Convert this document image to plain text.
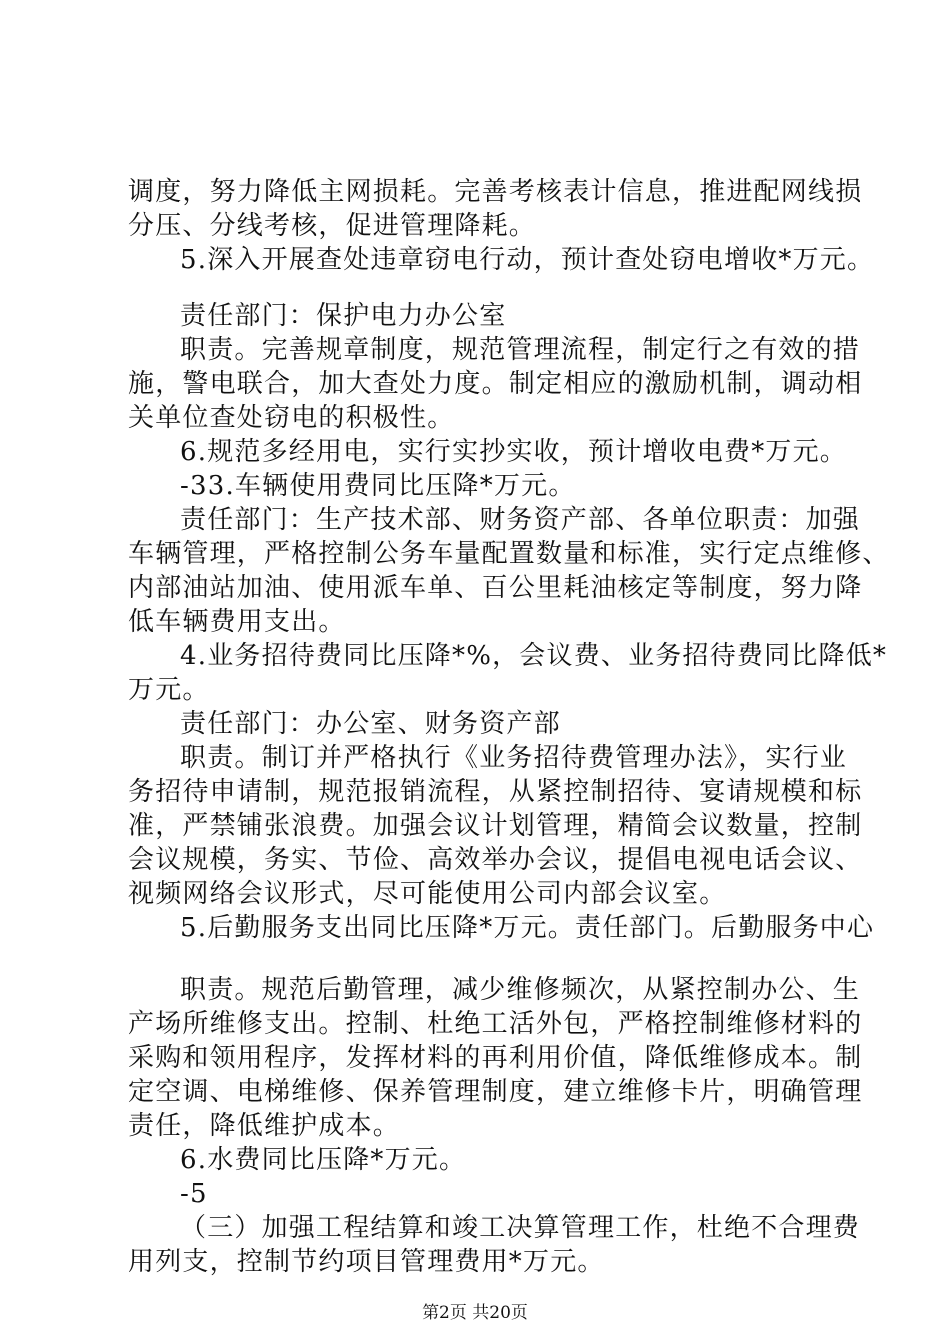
调度，努力降低主网损耗。完善考核表计信息，推进配网线损
分压、分线考核，促进管理降耗。
5.深入开展查处违章窃电行动，预计查处窃电增收*万元。
责任部门：保护电力办公室
职责。完善规章制度，规范管理流程，制定行之有效的措
施，警电联合，加大查处力度。制定相应的激励机制，调动相
关单位查处窃电的积极性。
6.规范多经用电，实行实抄实收，预计增收电费*万元。
-33.车辆使用费同比压降*万元。
责任部门：生产技术部、财务资产部、各单位职责：加强
车辆管理，严格控制公务车量配置数量和标准，实行定点维修、
内部油站加油、使用派车单、百公里耗油核定等制度，努力降
低车辆费用支出。
4.业务招待费同比压降*%，会议费、业务招待费同比降低*
万元。
责任部门：办公室、财务资产部
职责。制订并严格执行《业务招待费管理办法》，实行业
务招待申请制，规范报销流程，从紧控制招待、宴请规模和标
准，严禁铺张浪费。加强会议计划管理，精简会议数量，控制
会议规模，务实、节俭、高效举办会议，提倡电视电话会议、
视频网络会议形式，尽可能使用公司内部会议室。
5.后勤服务支出同比压降*万元。责任部门。后勤服务中心
职责。规范后勤管理，减少维修频次，从紧控制办公、生
产场所维修支出。控制、杜绝工活外包，严格控制维修材料的
采购和领用程序，发挥材料的再利用价值，降低维修成本。制
定空调、电梯维修、保养管理制度，建立维修卡片，明确管理
责任，降低维护成本。
6.水费同比压降*万元。
-5
（三）加强工程结算和竣工决算管理工作，杜绝不合理费
用列支，控制节约项目管理费用*万元。
第2页 共20页
